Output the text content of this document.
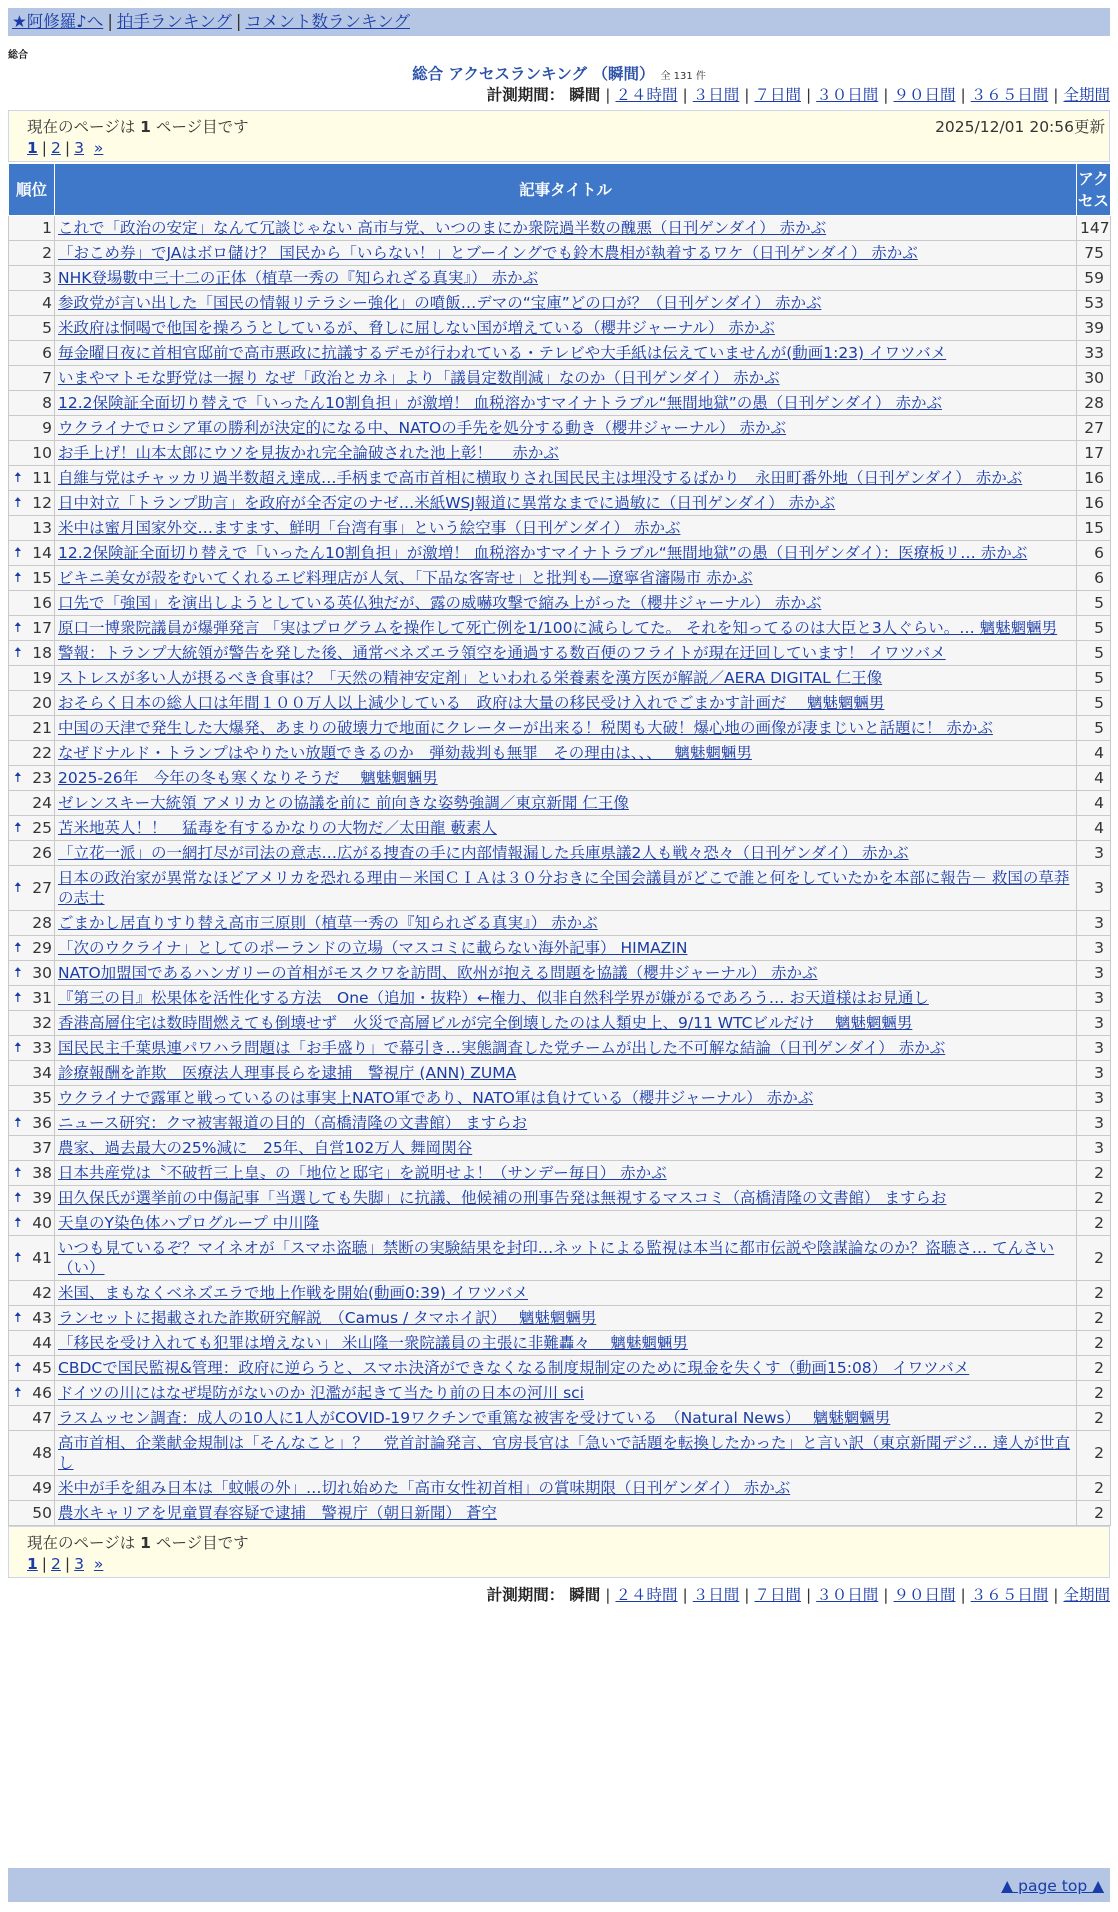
★阿修羅♪へ | 拍手ランキング | コメント数ランキング
総合
総合 アクセスランキング （瞬間） 全 131 件
計測期間： 瞬間 | ２４時間 | ３日間 | ７日間 | ３０日間 | ９０日間 | ３６５日間 | 全期間
現在のページは 1 ページ目です	2025/12/01 20:56更新
1 | 2 | 3 »
順位	記事タイトル	アクセス
1	これで「政治の安定」なんて冗談じゃない 高市与党、いつのまにか衆院過半数の醜悪（日刊ゲンダイ） 赤かぶ	147
2	「おこめ券」でJAはボロ儲け？ 国民から「いらない！」とブーイングでも鈴木農相が執着するワケ（日刊ゲンダイ） 赤かぶ	75
3	NHK登場數中三十二の正体（植草一秀の『知られざる真実』） 赤かぶ	59
4	参政党が言い出した「国民の情報リテラシー強化」の噴飯…デマの“宝庫”どの口が？（日刊ゲンダイ） 赤かぶ	53
5	米政府は恫喝で他国を操ろうとしているが、脅しに屈しない国が増えている（櫻井ジャーナル） 赤かぶ	39
6	毎金曜日夜に首相官邸前で高市悪政に抗議するデモが行われている・テレビや大手紙は伝えていませんが(動画1:23) イワツバメ	33
7	いまやマトモな野党は一握り なぜ「政治とカネ」より「議員定数削減」なのか（日刊ゲンダイ） 赤かぶ	30
8	12.2保険証全面切り替えで「いったん10割負担」が激増！ 血税溶かすマイナトラブル“無間地獄”の愚（日刊ゲンダイ） 赤かぶ	28
9	ウクライナでロシア軍の勝利が決定的になる中、NATOの手先を処分する動き（櫻井ジャーナル） 赤かぶ	27
10	お手上げ！山本太郎にウソを見抜かれ完全論破された池上彰！　 赤かぶ	17

🠅 11	自維与党はチャッカリ過半数超え達成…手柄まで高市首相に横取りされ国民民主は埋没するばかり　永田町番外地（日刊ゲンダイ） 赤かぶ	16

🠅 12	日中対立「トランプ助言」を政府が全否定のナゼ…米紙WSJ報道に異常なまでに過敏に（日刊ゲンダイ） 赤かぶ	16
13	米中は蜜月国家外交…ますます、鮮明「台湾有事」という絵空事（日刊ゲンダイ） 赤かぶ	15

🠅 14	12.2保険証全面切り替えで「いったん10割負担」が激増！ 血税溶かすマイナトラブル“無間地獄”の愚（日刊ゲンダイ）：医療板リ… 赤かぶ	6

🠅 15	ビキニ美女が殻をむいてくれるエビ料理店が人気、「下品な客寄せ」と批判も―遼寧省瀋陽市 赤かぶ	6
16	口先で「強国」を演出しようとしている英仏独だが、露の威嚇攻撃で縮み上がった（櫻井ジャーナル） 赤かぶ	5

🠅 17	原口一博衆院議員が爆弾発言 「実はプログラムを操作して死亡例を1/100に減らしてた。 それを知ってるのは大臣と3人ぐらい。… 魑魅魍魎男	5

🠅 18	警報：トランプ大統領が警告を発した後、通常ベネズエラ領空を通過する数百便のフライトが現在迂回しています！ イワツバメ	5
19	ストレスが多い人が摂るべき食事は？「天然の精神安定剤」といわれる栄養素を漢方医が解説／AERA DIGITAL 仁王像	5
20	おそらく日本の総人口は年間１００万人以上減少している　政府は大量の移民受け入れでごまかす計画だ　 魑魅魍魎男	5
21	中国の天津で発生した大爆発、あまりの破壊力で地面にクレーターが出来る！税関も大破！爆心地の画像が凄まじいと話題に！ 赤かぶ	5
22	なぜドナルド・トランプはやりたい放題できるのか　弾劾裁判も無罪　その理由は、、、　 魑魅魍魎男	4

🠅 23	2025-26年　今年の冬も寒くなりそうだ　 魑魅魍魎男	4
24	ゼレンスキー大統領 アメリカとの協議を前に 前向きな姿勢強調／東京新聞 仁王像	4

🠅 25	苫米地英人！！　猛毒を有するかなりの大物だ／太田龍 藪素人	4
26	「立花一派」の一網打尽が司法の意志…広がる捜査の手に内部情報漏した兵庫県議2人も戦々恐々（日刊ゲンダイ） 赤かぶ	3

🠅 27	日本の政治家が異常なほどアメリカを恐れる理由－米国ＣＩＡは３０分おきに全国会議員がどこで誰と何をしていたかを本部に報告－ 救国の草莽の志士	3
28	ごまかし居直りすり替え高市三原則（植草一秀の『知られざる真実』） 赤かぶ	3

🠅 29	「次のウクライナ」としてのポーランドの立場（マスコミに載らない海外記事） HIMAZIN	3

🠅 30	NATO加盟国であるハンガリーの首相がモスクワを訪問、欧州が抱える問題を協議（櫻井ジャーナル） 赤かぶ	3

🠅 31	『第三の目』松果体を活性化する方法　One（追加・抜粋）←権力、似非自然科学界が嫌がるであろう… お天道様はお見通し	3
32	香港高層住宅は数時間燃えても倒壊せず　火災で高層ビルが完全倒壊したのは人類史上、9/11 WTCビルだけ　 魑魅魍魎男	3

🠅 33	国民民主千葉県連パワハラ問題は「お手盛り」で幕引き…実態調査した党チームが出した不可解な結論（日刊ゲンダイ） 赤かぶ	3
34	診療報酬を詐欺　医療法人理事長らを逮捕　警視庁 (ANN) ZUMA	3
35	ウクライナで露軍と戦っているのは事実上NATO軍であり、NATO軍は負けている（櫻井ジャーナル） 赤かぶ	3

🠅 36	ニュース研究：クマ被害報道の目的（高橋清隆の文書館） ますらお	3
37	農家、過去最大の25%減に　25年、自営102万人 舞岡関谷	3

🠅 38	日本共産党は〝不破哲三上皇〟の「地位と邸宅」を説明せよ！（サンデー毎日） 赤かぶ	2

🠅 39	田久保氏が選挙前の中傷記事「当選しても失脚」に抗議、他候補の刑事告発は無視するマスコミ（高橋清隆の文書館） ますらお	2

🠅 40	天皇のY染色体ハプログループ 中川隆	2

🠅 41	いつも見ているぞ？マイネオが「スマホ盗聴」禁断の実験結果を封印…ネットによる監視は本当に都市伝説や陰謀論なのか？盗聴さ… てんさい（い）	2
42	米国、まもなくベネズエラで地上作戦を開始(動画0:39) イワツバメ	2

🠅 43	ランセットに掲載された詐欺研究解説　（Camus / タマホイ訳）　 魑魅魍魎男	2
44	「移民を受け入れても犯罪は増えない」 米山隆一衆院議員の主張に非難轟々　 魑魅魍魎男	2

🠅 45	CBDCで国民監視&管理：政府に逆らうと、スマホ決済ができなくなる制度規制定のために現金を失くす（動画15:08） イワツバメ	2

🠅 46	ドイツの川にはなぜ堤防がないのか 氾濫が起きて当たり前の日本の河川 sci	2
47	ラスムッセン調査：成人の10人に1人がCOVID-19ワクチンで重篤な被害を受けている　（Natural News）　 魑魅魍魎男	2
48	高市首相、企業献金規制は「そんなこと」？　党首討論発言、官房長官は「急いで話題を転換したかった」と言い訳（東京新聞デジ… 達人が世直し	2
49	米中が手を組み日本は「蚊帳の外」…切れ始めた「高市女性初首相」の賞味期限（日刊ゲンダイ） 赤かぶ	2
50	農水キャリアを児童買春容疑で逮捕　警視庁（朝日新聞） 蒼空	2
現在のページは 1 ページ目です
1 | 2 | 3 »
計測期間： 瞬間 | ２４時間 | ３日間 | ７日間 | ３０日間 | ９０日間 | ３６５日間 | 全期間
▲ page top ▲
